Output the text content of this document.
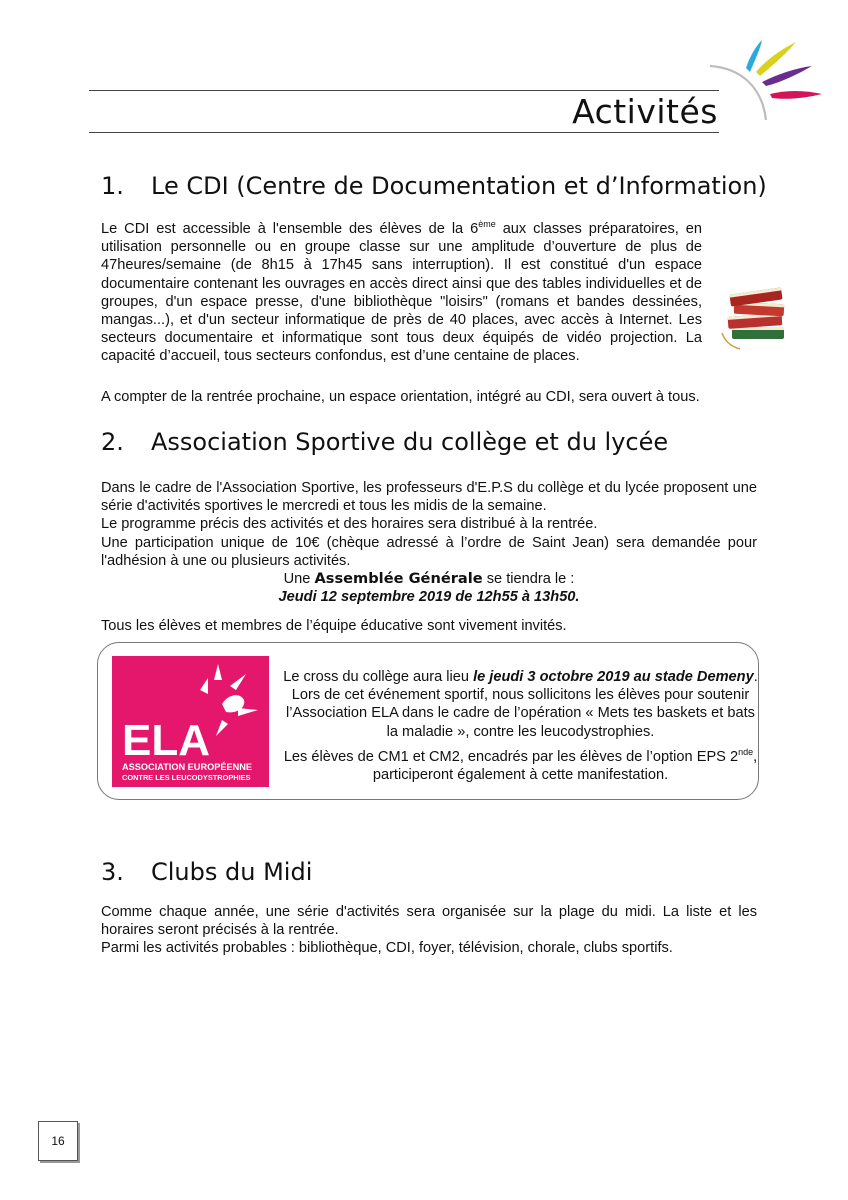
Activités
1. Le CDI (Centre de Documentation et d’Information)

Le CDI est accessible à l'ensemble des élèves de la 6ème aux classes préparatoires, en utilisation personnelle ou en groupe classe sur une amplitude d’ouverture de plus de 47heures/semaine (de 8h15 à 17h45 sans interruption). Il est constitué d'un espace documentaire contenant les ouvrages en accès direct ainsi que des tables individuelles et de groupes, d'un espace presse, d'une bibliothèque "loisirs" (romans et bandes dessinées, mangas...), et d'un secteur informatique de près de 40 places, avec accès à Internet. Les secteurs documentaire et informatique sont tous deux équipés de vidéo projection. La capacité d’accueil, tous secteurs confondus, est d’une centaine de places.

A compter de la rentrée prochaine, un espace orientation, intégré au CDI, sera ouvert à tous.

2. Association Sportive du collège et du lycée
Dans le cadre de l'Association Sportive, les professeurs d'E.P.S du collège et du lycée proposent une série d'activités sportives le mercredi et tous les midis de la semaine.
Le programme précis des activités et des horaires sera distribué à la rentrée.
Une participation unique de 10€ (chèque adressé à l’ordre de Saint Jean) sera demandée pour l'adhésion à une ou plusieurs activités.
Une Assemblée Générale se tiendra le :
Jeudi 12 septembre 2019 de 12h55 à 13h50.

Tous les élèves et membres de l’équipe éducative sont vivement invités.

ELA
ASSOCIATION EUROPÉENNE
CONTRE LES LEUCODYSTROPHIES

Le cross du collège aura lieu le jeudi 3 octobre 2019 au stade Demeny. Lors de cet événement sportif, nous sollicitons les élèves pour soutenir l’Association ELA dans le cadre de l’opération « Mets tes baskets et bats la maladie », contre les leucodystrophies.

Les élèves de CM1 et CM2, encadrés par les élèves de l’option EPS 2nde, participeront également à cette manifestation.

3. Clubs du Midi
Comme chaque année, une série d'activités sera organisée sur la plage du midi. La liste et les horaires seront précisés à la rentrée.
Parmi les activités probables : bibliothèque, CDI, foyer, télévision, chorale, clubs sportifs.
16
